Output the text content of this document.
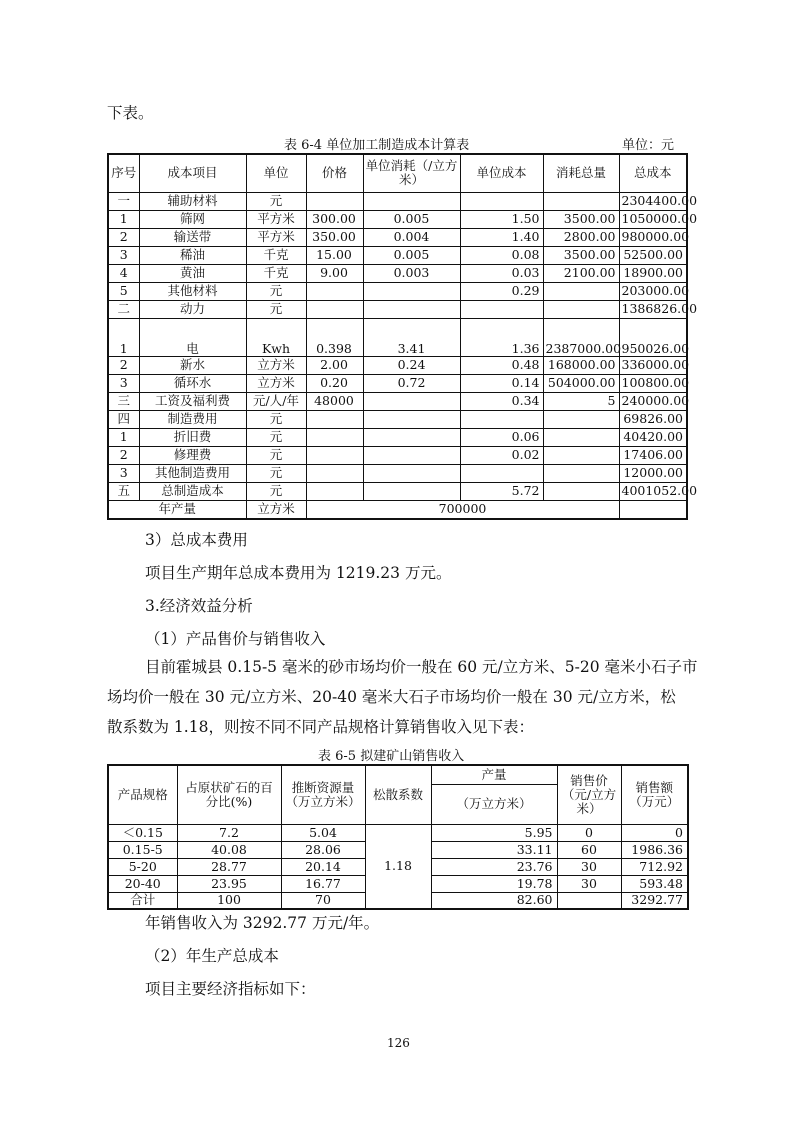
下表。
表 6-4 单位加工制造成本计算表	单位：元
序号	成本项目	单位	价格	单位消耗（/立方米）	单位成本	消耗总量	总成本
一	辅助材料	元					2304400.00
1	筛网	平方米	300.00	0.005	1.50	3500.00	1050000.00
2	输送带	平方米	350.00	0.004	1.40	2800.00	980000.00
3	稀油	千克	15.00	0.005	0.08	3500.00	52500.00
4	黄油	千克	9.00	0.003	0.03	2100.00	18900.00
5	其他材料	元			0.29		203000.00
二	动力	元					1386826.00
1	电	Kwh	0.398	3.41	1.36	2387000.00	950026.00
2	新水	立方米	2.00	0.24	0.48	168000.00	336000.00
3	循环水	立方米	0.20	0.72	0.14	504000.00	100800.00
三	工资及福利费	元/人/年	48000		0.34	5	240000.00
四	制造费用	元					69826.00
1	折旧费	元			0.06		40420.00
2	修理费	元			0.02		17406.00
3	其他制造费用	元					12000.00
五	总制造成本	元			5.72		4001052.00
年产量		立方米	700000				
3）总成本费用
项目生产期年总成本费用为 1219.23 万元。
3.经济效益分析
（1）产品售价与销售收入
目前霍城县 0.15-5 毫米的砂市场均价一般在 60 元/立方米、5-20 毫米小石子市
场均价一般在 30 元/立方米、20-40 毫米大石子市场均价一般在 30 元/立方米，松
散系数为 1.18，则按不同不同产品规格计算销售收入见下表：
表 6-5 拟建矿山销售收入
产品规格	占原状矿石的百分比(%)	推断资源量（万立方米）	松散系数	产量	销售价（元/立方米）	销售额（万元）
				（万立方米）		
＜0.15	7.2	5.04	1.18	5.95	0	0
0.15-5	40.08	28.06		33.11	60	1986.36
5-20	28.77	20.14		23.76	30	712.92
20-40	23.95	16.77		19.78	30	593.48
合计	100	70		82.60		3292.77
年销售收入为 3292.77 万元/年。
（2）年生产总成本
项目主要经济指标如下：
126
